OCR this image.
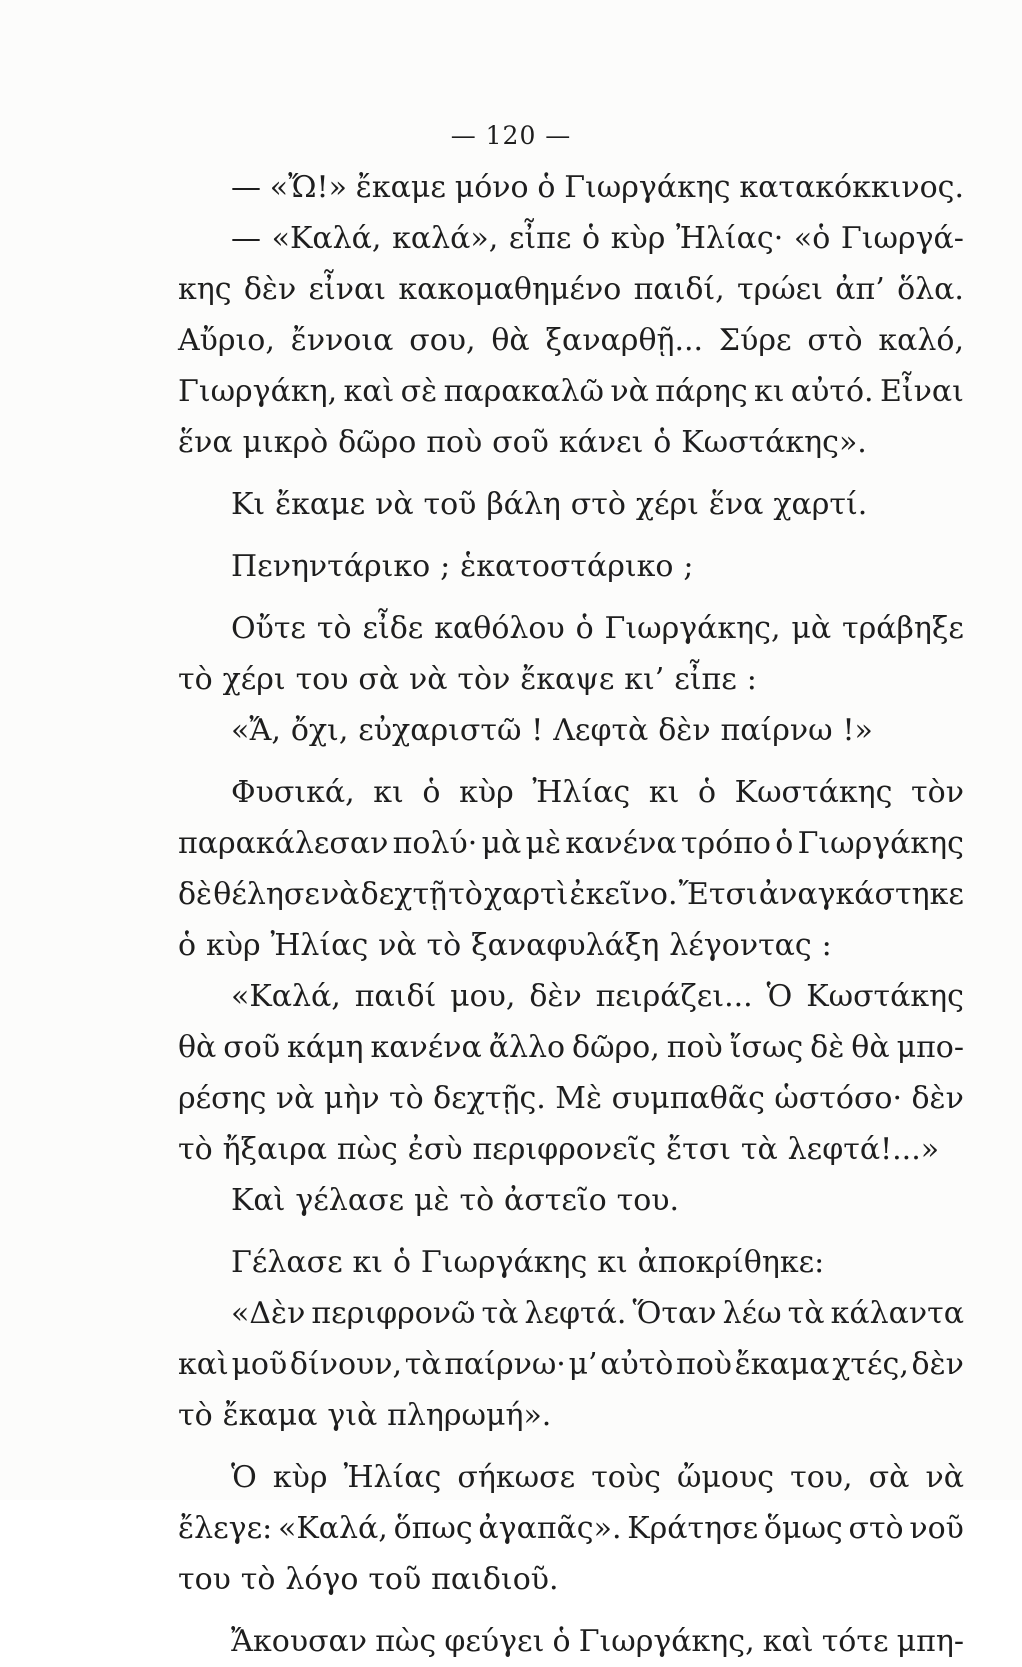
— 120 —
— «Ὤ!» ἔκαμε μόνο ὁ Γιωργάκης κατακόκκινος.
— «Καλά, καλά», εἶπε ὁ κὺρ Ἠλίας· «ὁ Γιωργά-
κης δὲν εἶναι κακομαθημένο παιδί, τρώει ἀπ’ ὅλα.
Αὔριο, ἔννοια σου, θὰ ξαναρθῇ... Σύρε στὸ καλό,
Γιωργάκη, καὶ σὲ παρακαλῶ νὰ πάρης κι αὐτό. Εἶναι
ἕνα μικρὸ δῶρο ποὺ σοῦ κάνει ὁ Κωστάκης».
Κι ἔκαμε νὰ τοῦ βάλη στὸ χέρι ἕνα χαρτί.
Πενηντάρικο ; ἑκατοστάρικο ;
Οὔτε τὸ εἶδε καθόλου ὁ Γιωργάκης, μὰ τράβηξε
τὸ χέρι του σὰ νὰ τὸν ἔκαψε κι’ εἶπε :
«Ἄ, ὄχι, εὐχαριστῶ ! Λεφτὰ δὲν παίρνω !»
Φυσικά, κι ὁ κὺρ Ἠλίας κι ὁ Κωστάκης τὸν
παρακάλεσαν πολύ· μὰ μὲ κανένα τρόπο ὁ Γιωργάκης
δὲ θέλησε νὰ δεχτῇ τὸ χαρτὶ ἐκεῖνο. Ἔτσι ἀναγκάστηκε
ὁ κὺρ Ἠλίας νὰ τὸ ξαναφυλάξη λέγοντας :
«Καλά, παιδί μου, δὲν πειράζει... Ὁ Κωστάκης
θὰ σοῦ κάμη κανένα ἄλλο δῶρο, ποὺ ἴσως δὲ θὰ μπο-
ρέσης νὰ μὴν τὸ δεχτῇς. Μὲ συμπαθᾶς ὡστόσο· δὲν
τὸ ἤξαιρα πὼς ἐσὺ περιφρονεῖς ἔτσι τὰ λεφτά!...»
Καὶ γέλασε μὲ τὸ ἀστεῖο του.
Γέλασε κι ὁ Γιωργάκης κι ἀποκρίθηκε:
«Δὲν περιφρονῶ τὰ λεφτά. Ὅταν λέω τὰ κάλαντα
καὶ μοῦ δίνουν, τὰ παίρνω· μ’ αὐτὸ ποὺ ἔκαμα χτές, δὲν
τὸ ἔκαμα γιὰ πληρωμή».
Ὁ κὺρ Ἠλίας σήκωσε τοὺς ὤμους του, σὰ νὰ
ἔλεγε: «Καλά, ὅπως ἀγαπᾶς». Κράτησε ὅμως στὸ νοῦ
του τὸ λόγο τοῦ παιδιοῦ.
Ἄκουσαν πὼς φεύγει ὁ Γιωργάκης, καὶ τότε μπη-
